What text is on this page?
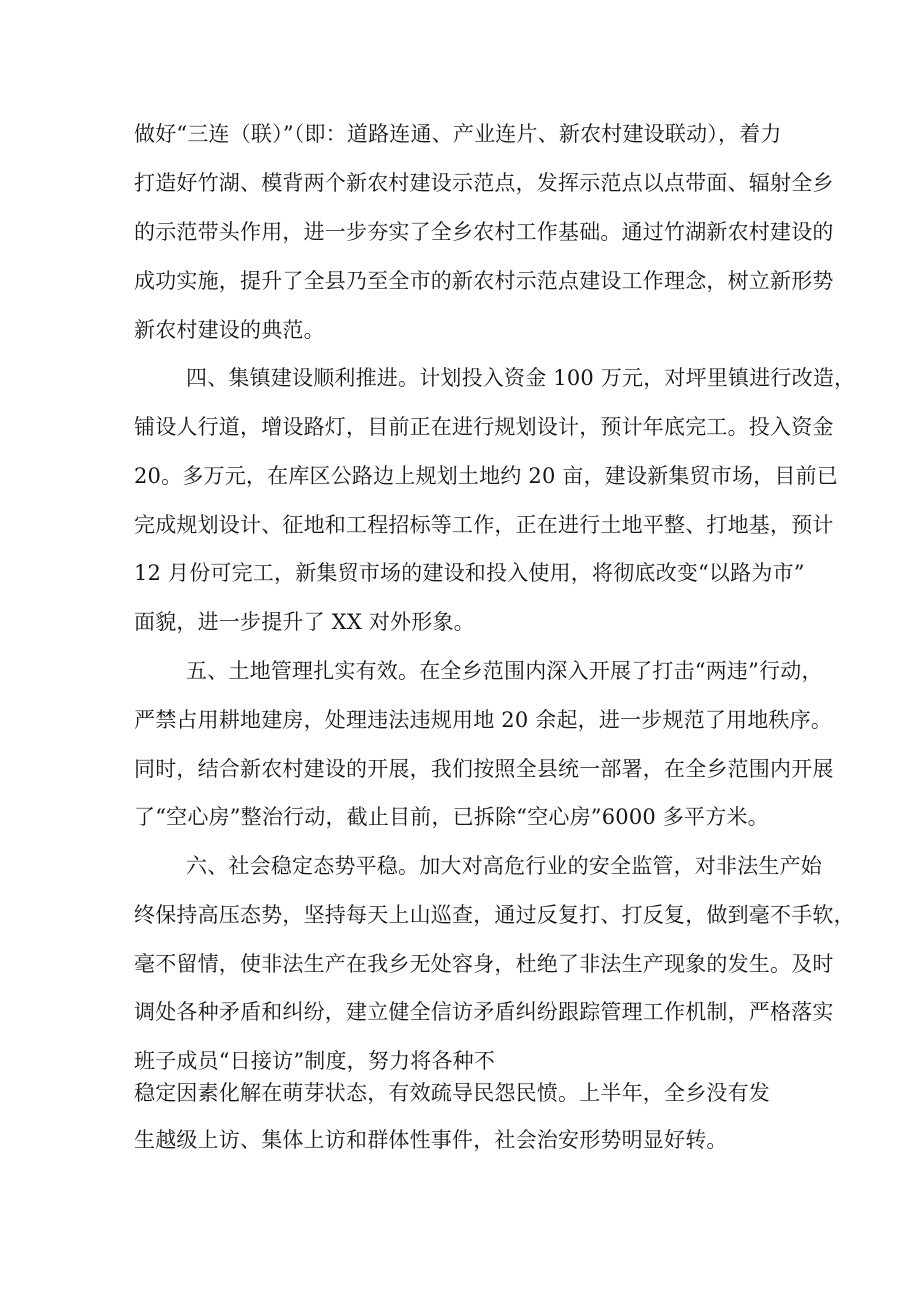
做好“三连（联）”（即：道路连通、产业连片、新农村建设联动），着力
打造好竹湖、模背两个新农村建设示范点，发挥示范点以点带面、辐射全乡
的示范带头作用，进一步夯实了全乡农村工作基础。通过竹湖新农村建设的
成功实施，提升了全县乃至全市的新农村示范点建设工作理念，树立新形势
新农村建设的典范。
四、集镇建设顺利推进。计划投入资金 100 万元，对坪里镇进行改造，
铺设人行道，增设路灯，目前正在进行规划设计，预计年底完工。投入资金
20。多万元，在库区公路边上规划土地约 20 亩，建设新集贸市场，目前已
完成规划设计、征地和工程招标等工作，正在进行土地平整、打地基，预计
12 月份可完工，新集贸市场的建设和投入使用，将彻底改变“以路为市”
面貌，进一步提升了 XX 对外形象。
五、土地管理扎实有效。在全乡范围内深入开展了打击“两违”行动，
严禁占用耕地建房，处理违法违规用地 20 余起，进一步规范了用地秩序。
同时，结合新农村建设的开展，我们按照全县统一部署，在全乡范围内开展
了“空心房”整治行动，截止目前，已拆除“空心房”6000 多平方米。
六、社会稳定态势平稳。加大对高危行业的安全监管，对非法生产始
终保持高压态势，坚持每天上山巡查，通过反复打、打反复，做到毫不手软，
毫不留情，使非法生产在我乡无处容身，杜绝了非法生产现象的发生。及时
调处各种矛盾和纠纷，建立健全信访矛盾纠纷跟踪管理工作机制，严格落实
班子成员“日接访”制度，努力将各种不
稳定因素化解在萌芽状态，有效疏导民怨民愤。上半年，全乡没有发
生越级上访、集体上访和群体性事件，社会治安形势明显好转。
